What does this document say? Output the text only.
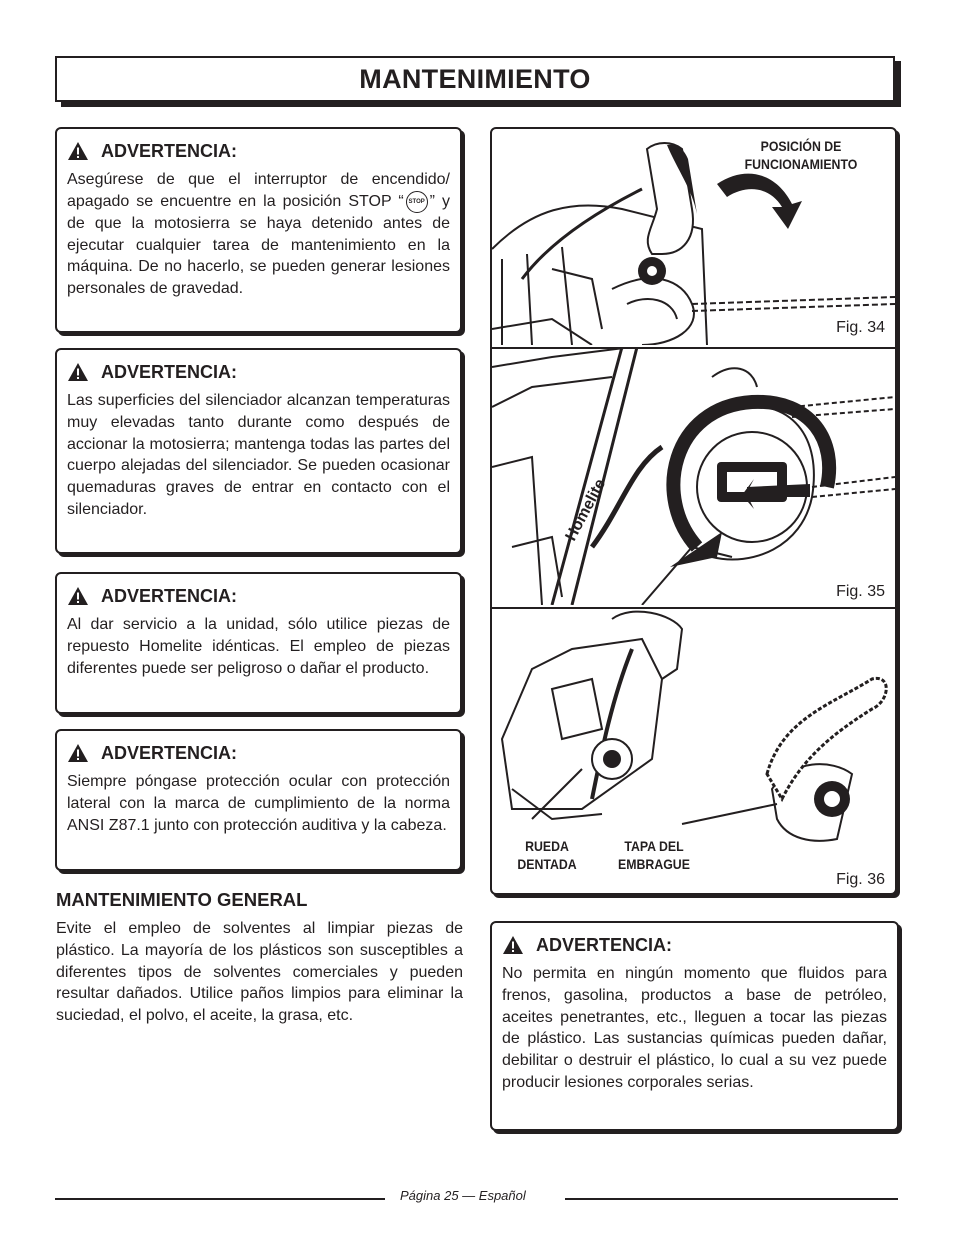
MANTENIMIENTO
ADVERTENCIA:

Asegúrese de que el interruptor de encendido/ apagado se encuentre en la posición STOP “ STOP ” y de que la motosierra se haya detenido antes de ejecutar cualquier tarea de mantenimiento en la máquina. De no hacerlo, se pueden generar lesiones personales de gravedad.

ADVERTENCIA:

Las superficies del silenciador alcanzan temperaturas muy elevadas tanto durante como después de accionar la motosierra; mantenga todas las partes del cuerpo alejadas del silenciador. Se pueden ocasionar quemaduras graves de entrar en contacto con el silenciador.

ADVERTENCIA:

Al dar servicio a la unidad, sólo utilice piezas de repuesto Homelite idénticas. El empleo de piezas diferentes puede ser peligroso o dañar el producto.

ADVERTENCIA:

Siempre póngase protección ocular con protección lateral con la marca de cumplimiento de la norma ANSI Z87.1 junto con protección auditiva y la cabeza.

MANTENIMIENTO GENERAL

Evite el empleo de solventes al limpiar piezas de plástico. La mayoría de los plásticos son susceptibles a diferentes tipos de solventes comerciales y pueden resultar dañados. Utilice paños limpios para eliminar la suciedad, el polvo, el aceite, la grasa, etc.

POSICIÓN DE
FUNCIONAMIENTO
Fig. 34
Homelite
Fig. 35
RUEDA
DENTADA
TAPA DEL
EMBRAGUE
Fig. 36
ADVERTENCIA:

No permita en ningún momento que fluidos para frenos, gasolina, productos a base de petróleo, aceites penetrantes, etc., lleguen a tocar las piezas de plástico. Las sustancias químicas pueden dañar, debilitar o destruir el plástico, lo cual a su vez puede producir lesiones corporales serias.

Página 25 — Español
